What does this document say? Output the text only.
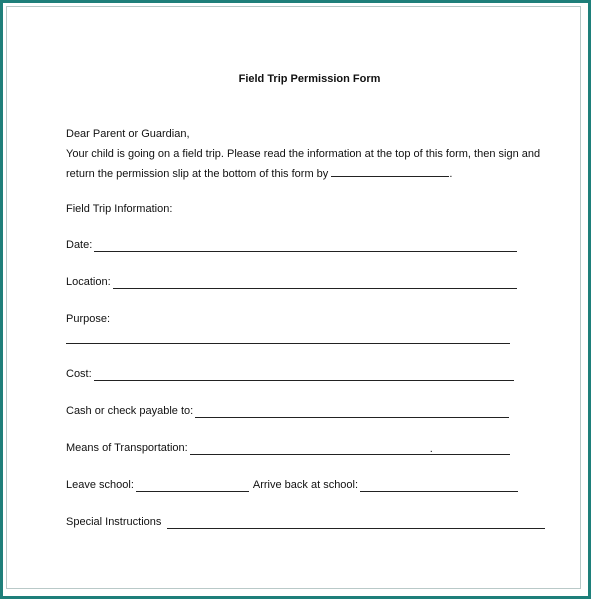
Field Trip Permission Form
Dear Parent or Guardian,
Your child is going on a field trip. Please read the information at the top of this form, then sign and
return the permission slip at the bottom of this form by	.
Field Trip Information:
Date:
Location:
Purpose:
Cost:
Cash or check payable to:
Means of Transportation:	.
Leave school:	Arrive back at school:
Special Instructions
